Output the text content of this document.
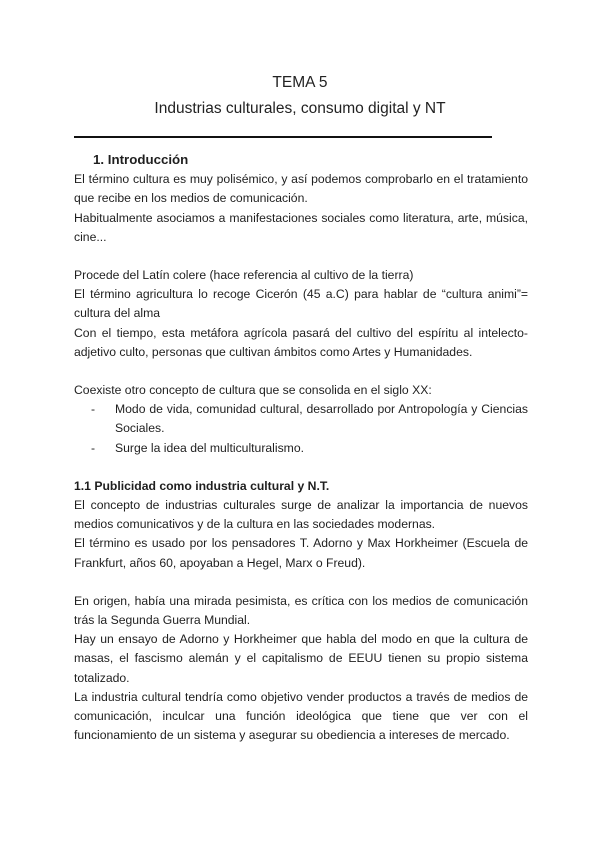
TEMA 5
Industrias culturales, consumo digital y NT

1. Introducción

El término cultura es muy polisémico, y así podemos comprobarlo en el tratamiento que recibe en los medios de comunicación.

Habitualmente asociamos a manifestaciones sociales como literatura, arte, música, cine...

Procede del Latín colere (hace referencia al cultivo de la tierra)

El término agricultura lo recoge Cicerón (45 a.C) para hablar de “cultura animi”= cultura del alma

Con el tiempo, esta metáfora agrícola pasará del cultivo del espíritu al intelecto-adjetivo culto, personas que cultivan ámbitos como Artes y Humanidades.

Coexiste otro concepto de cultura que se consolida en el siglo XX:

-	Modo de vida, comunidad cultural, desarrollado por Antropología y Ciencias Sociales.
-	Surge la idea del multiculturalismo.

1.1 Publicidad como industria cultural y N.T.

El concepto de industrias culturales surge de analizar la importancia de nuevos medios comunicativos y de la cultura en las sociedades modernas.

El término es usado por los pensadores T. Adorno y Max Horkheimer (Escuela de Frankfurt, años 60, apoyaban a Hegel, Marx o Freud).

En origen, había una mirada pesimista, es crítica con los medios de comunicación trás la Segunda Guerra Mundial.

Hay un ensayo de Adorno y Horkheimer que habla del modo en que la cultura de masas, el fascismo alemán y el capitalismo de EEUU tienen su propio sistema totalizado.

La industria cultural tendría como objetivo vender productos a través de medios de comunicación, inculcar una función ideológica que tiene que ver con el funcionamiento de un sistema y asegurar su obediencia a intereses de mercado.
